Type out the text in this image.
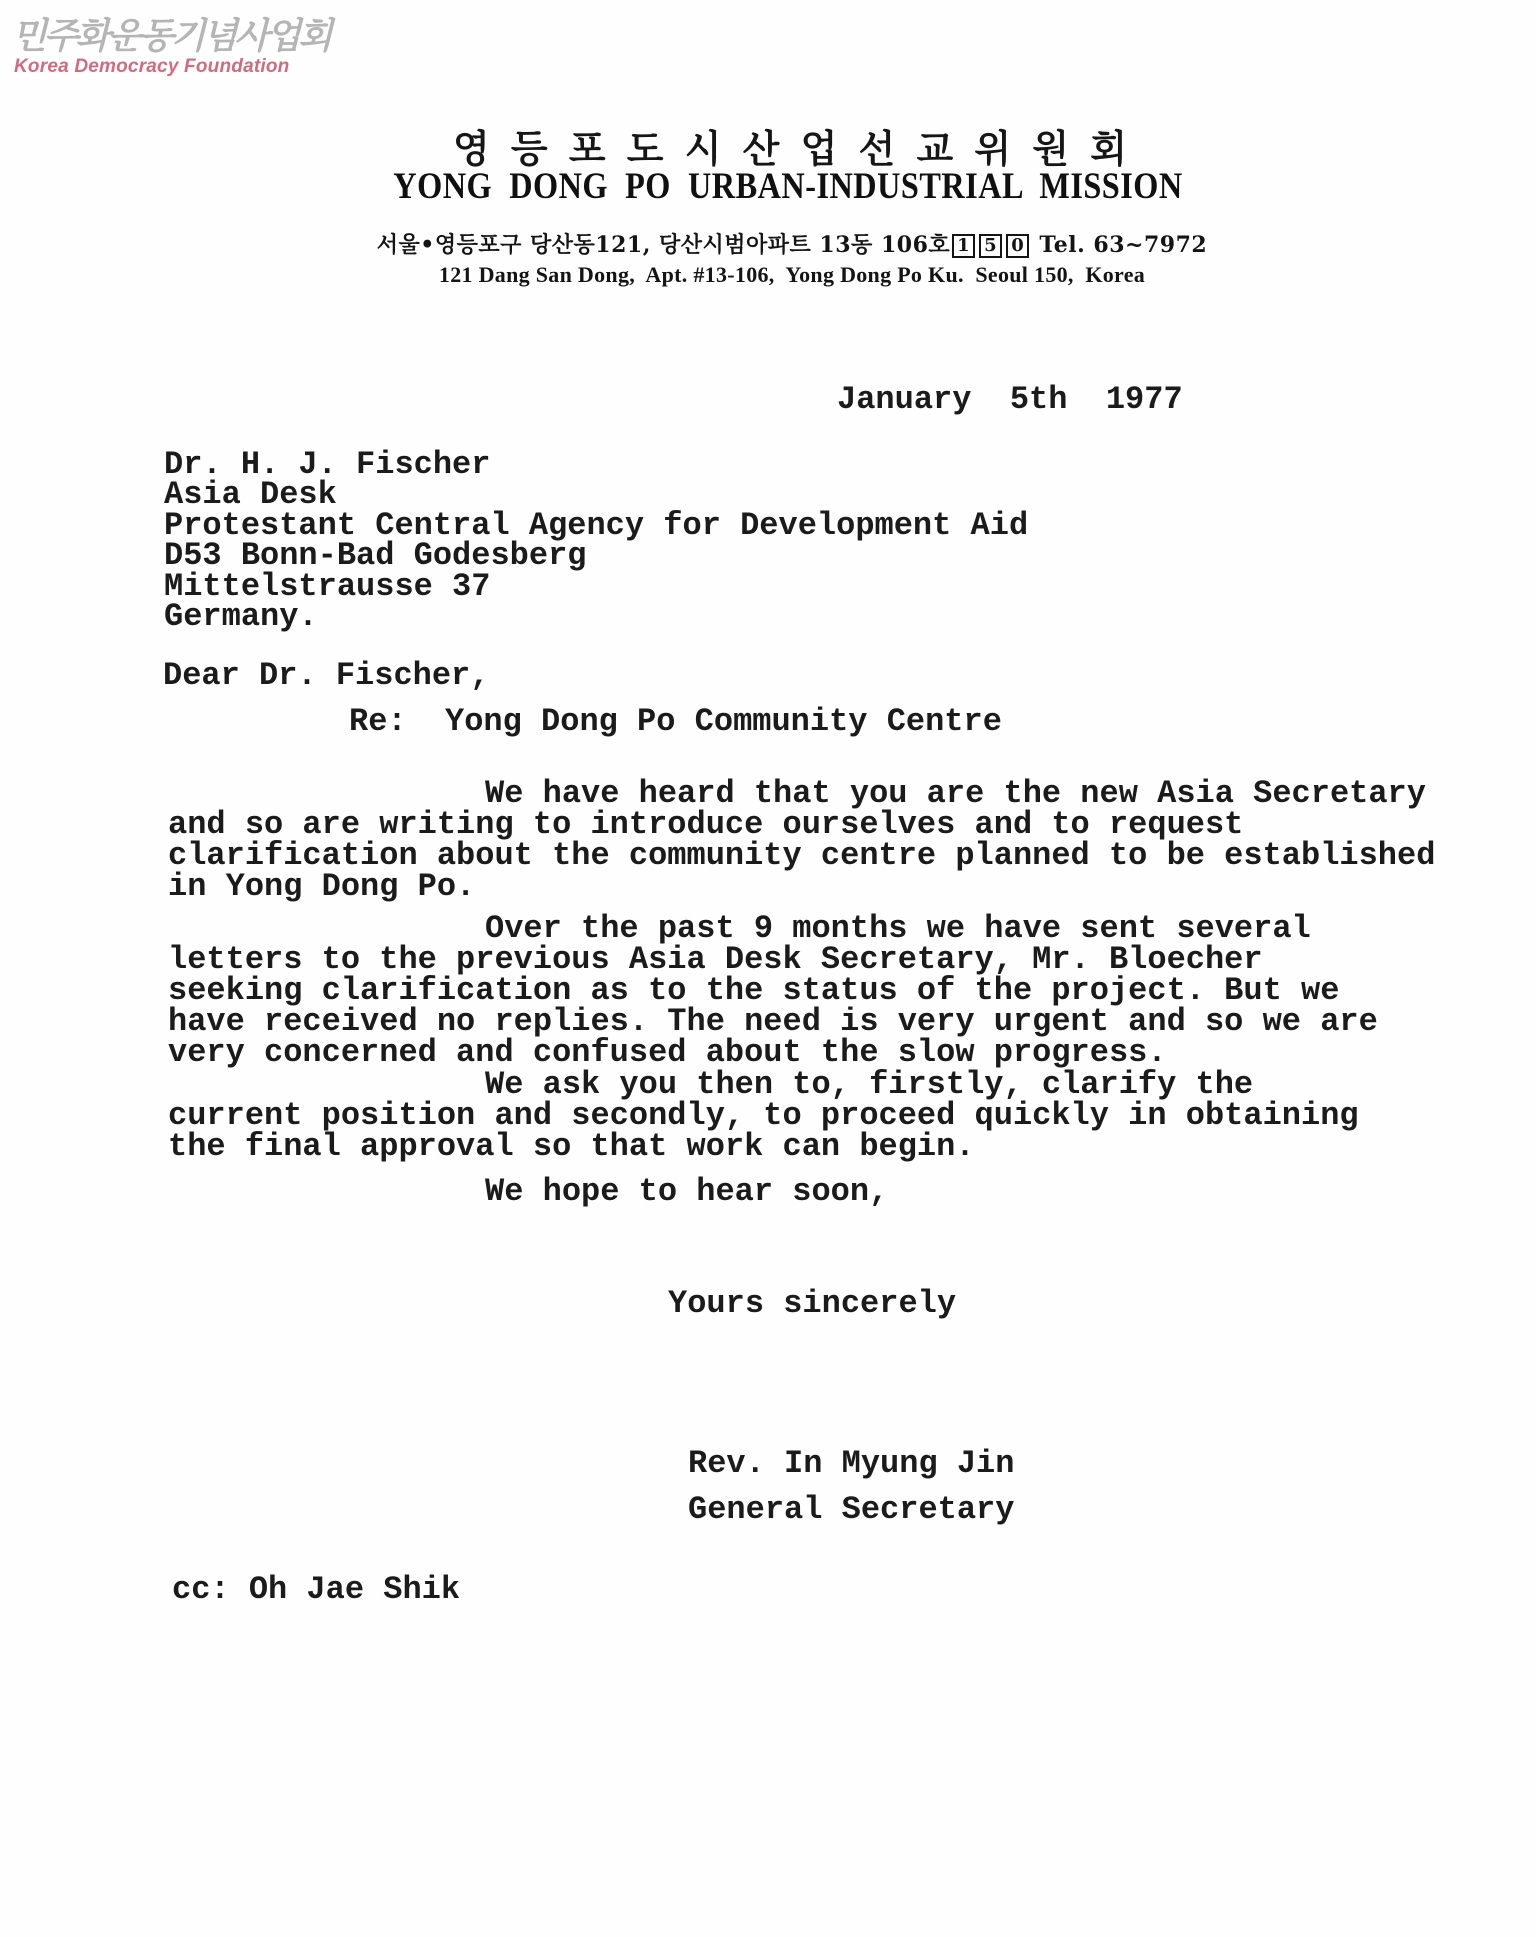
민주화운동기념사업회
Korea Democracy Foundation
영 등 포 도 시 산 업 선 교 위 원 회
YONG DONG PO URBAN-INDUSTRIAL MISSION
서울•영등포구 당산동121, 당산시범아파트 13동 106호 1 5 0 Tel. 63~7972
121 Dang San Dong,  Apt. #13-106,  Yong Dong Po Ku.  Seoul 150,  Korea
January  5th  1977
Dr. H. J. Fischer
Asia Desk
Protestant Central Agency for Development Aid
D53 Bonn-Bad Godesberg
Mittelstrausse 37
Germany.
Dear Dr. Fischer,
Re:  Yong Dong Po Community Centre
We have heard that you are the new Asia Secretary
and so are writing to introduce ourselves and to request
clarification about the community centre planned to be established
in Yong Dong Po.
Over the past 9 months we have sent several
letters to the previous Asia Desk Secretary, Mr. Bloecher
seeking clarification as to the status of the project. But we
have received no replies. The need is very urgent and so we are
very concerned and confused about the slow progress.
We ask you then to, firstly, clarify the
current position and secondly, to proceed quickly in obtaining
the final approval so that work can begin.
We hope to hear soon,
Yours sincerely
Rev. In Myung Jin
General Secretary
cc: Oh Jae Shik
